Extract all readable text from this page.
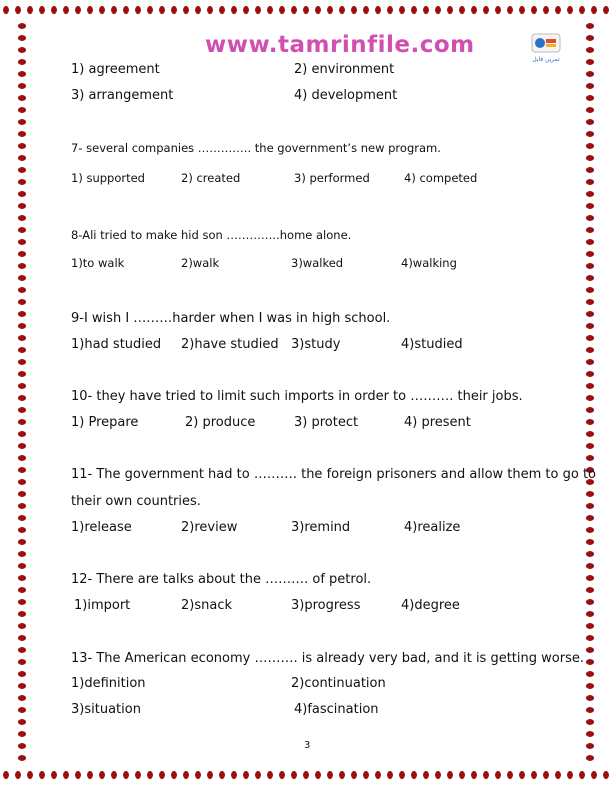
www.tamrinfile.com
تمرین فایل
1) agreement	2) environment
3) arrangement	4) development
7- several companies ………….. the government’s new program.
1) supported	2) created	3) performed	4) competed
8-Ali tried to make hid son …………..home alone.
1)to walk	2)walk	3)walked	4)walking
9-I wish I ………harder when I was in high school.
1)had studied 2)have studied 3)study	4)studied
10- they have tried to limit such imports in order to ………. their jobs.
1) Prepare	2) produce	3) protect	4) present
11- The government had to ………. the foreign prisoners and allow them to go to
their own countries.
1)release	2)review	3)remind	4)realize
12- There are talks about the ………. of petrol.
1)import	2)snack	3)progress	4)degree
13- The American economy ………. is already very bad, and it is getting worse.
1)definition	2)continuation
3)situation	4)fascination
3
